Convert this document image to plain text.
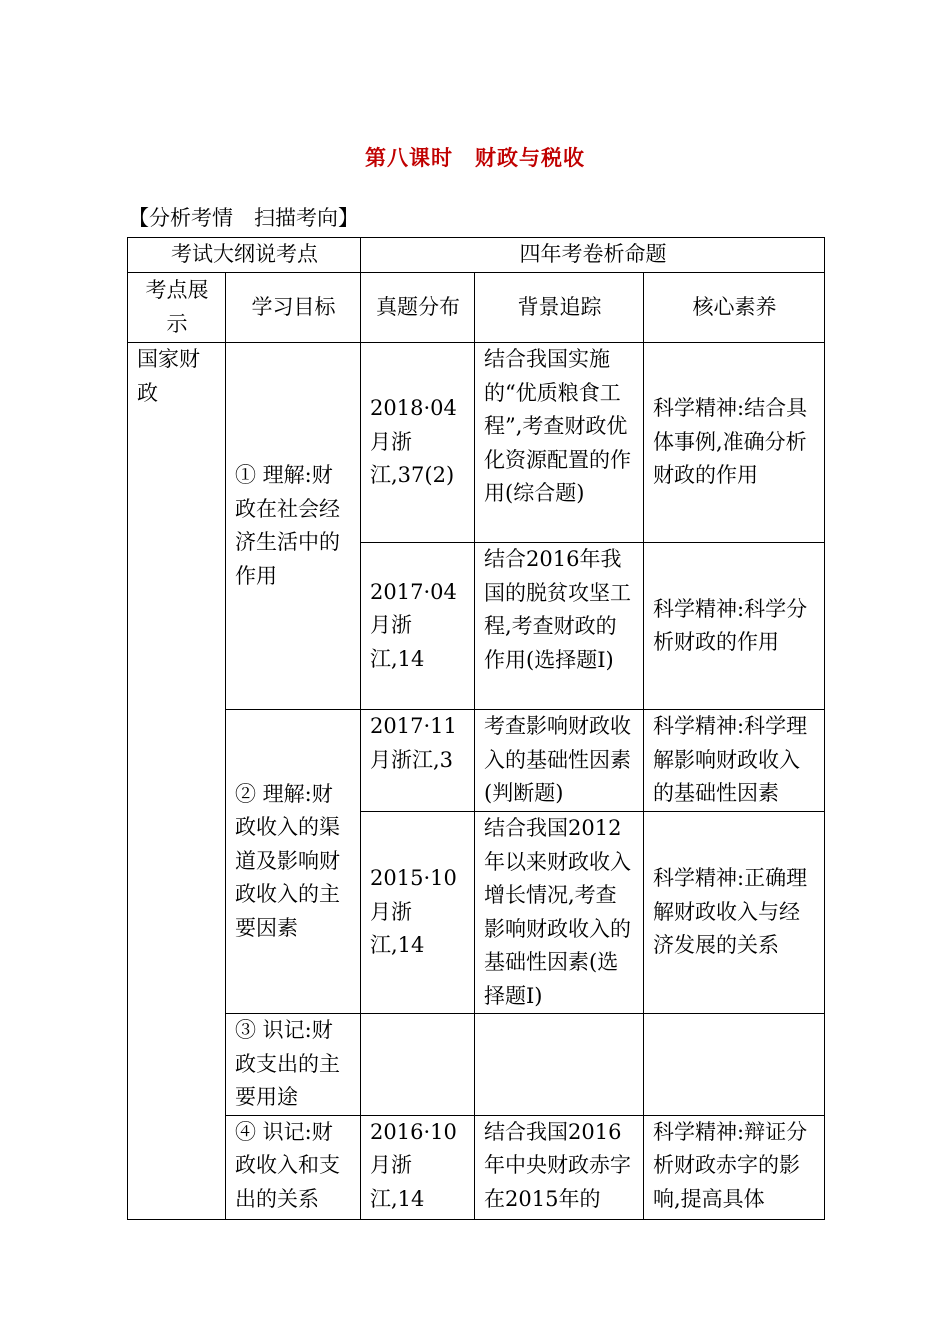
第八课时　财政与税收
【分析考情　扫描考向】
考试大纲说考点		四年考卷析命题		
考点展示	学习目标	真题分布	背景追踪	核心素养
国家财政	① 理解:财政在社会经济生活中的作用	2018·04月浙江,37(2)	结合我国实施的“优质粮食工程”,考查财政优化资源配置的作用(综合题)	科学精神:结合具体事例,准确分析财政的作用
		2017·04月浙江,14	结合2016年我国的脱贫攻坚工程,考查财政的作用(选择题Ⅰ)	科学精神:科学分析财政的作用
	② 理解:财政收入的渠道及影响财政收入的主要因素	2017·11月浙江,3	考查影响财政收入的基础性因素(判断题)	科学精神:科学理解影响财政收入的基础性因素
		2015·10月浙江,14	结合我国2012年以来财政收入增长情况,考查影响财政收入的基础性因素(选择题Ⅰ)	科学精神:正确理解财政收入与经济发展的关系
	③ 识记:财政支出的主要用途			
	④ 识记:财政收入和支出的关系	2016·10月浙江,14	结合我国2016年中央财政赤字在2015年的	科学精神:辩证分析财政赤字的影响,提高具体
